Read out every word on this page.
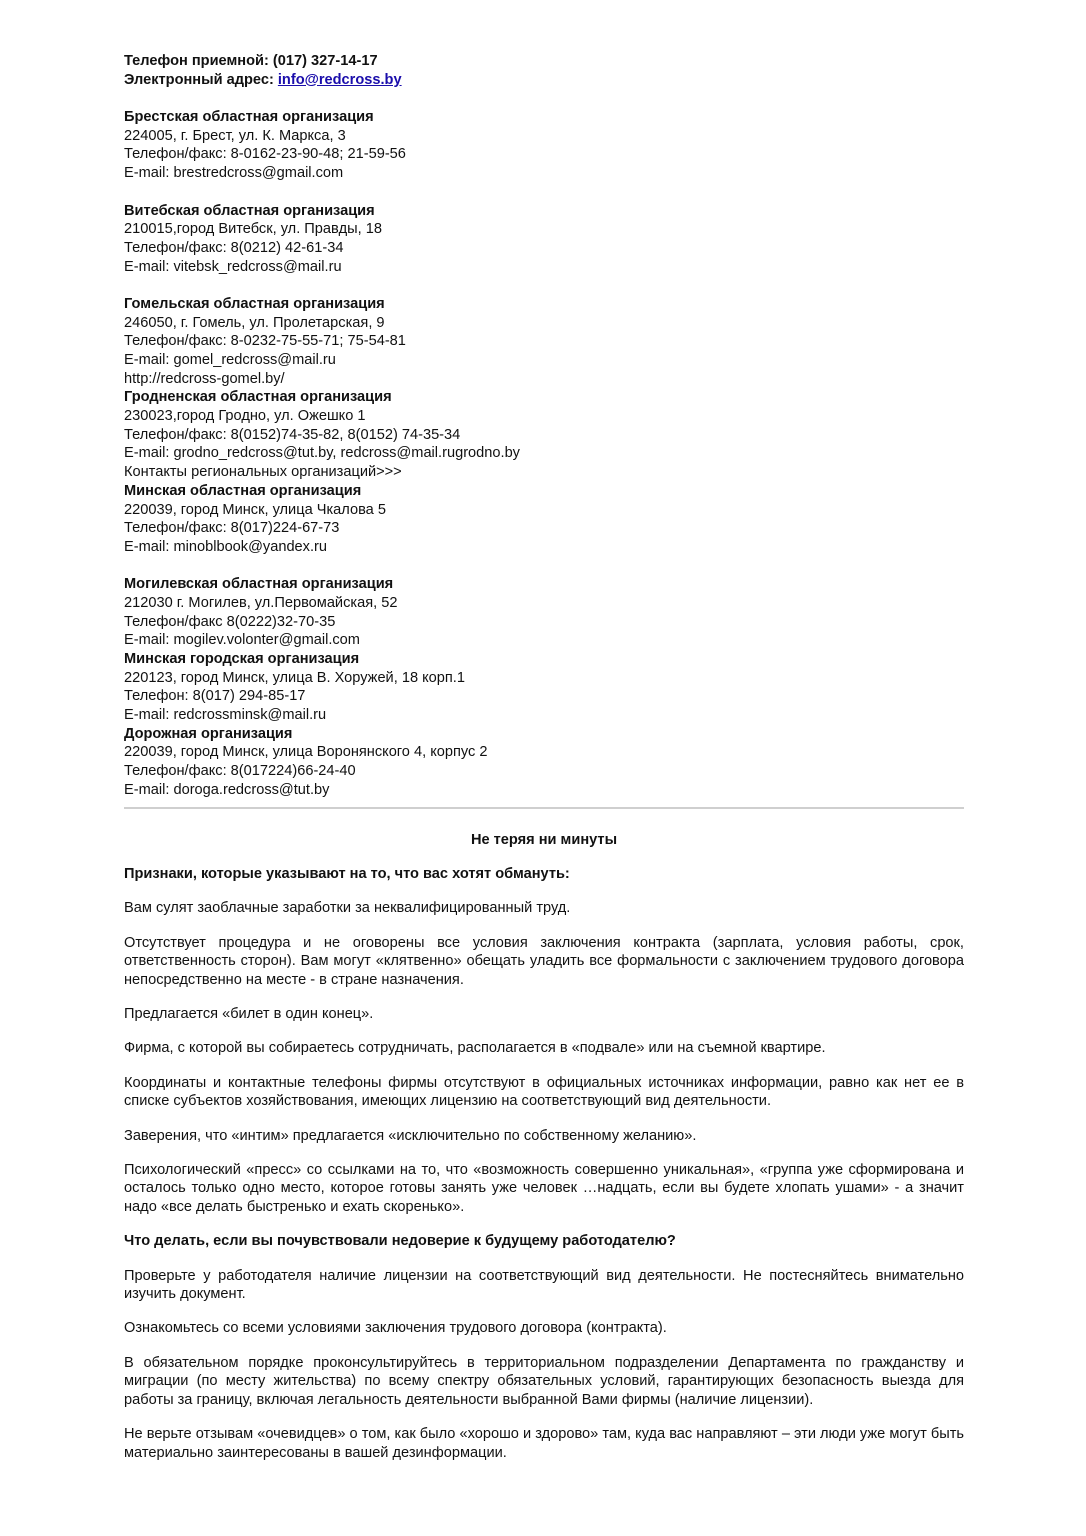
Телефон приемной: (017) 327-14-17
Электронный адрес: info@redcross.by
Брестская областная организация
224005, г. Брест, ул. К. Маркса, 3
Телефон/факс: 8-0162-23-90-48; 21-59-56
E-mail: brestredcross@gmail.com
Витебская областная организация
210015,город Витебск, ул. Правды, 18
Телефон/факс: 8(0212) 42-61-34
E-mail: vitebsk_redcross@mail.ru
Гомельская областная организация
246050, г. Гомель, ул. Пролетарская, 9
Телефон/факс: 8-0232-75-55-71; 75-54-81
E-mail: gomel_redcross@mail.ru
http://redcross-gomel.by/
Гродненская областная организация
230023,город Гродно, ул. Ожешко 1
Телефон/факс: 8(0152)74-35-82, 8(0152) 74-35-34
E-mail: grodno_redcross@tut.by, redcross@mail.rugrodno.by
Контакты региональных организаций>>>
Минская областная организация
220039, город Минск, улица Чкалова 5
Телефон/факс: 8(017)224-67-73
E-mail: minoblbook@yandex.ru
Могилевская областная организация
212030 г. Могилев, ул.Первомайская, 52
Телефон/факс 8(0222)32-70-35
E-mail: mogilev.volonter@gmail.com
Минская городская организация
220123, город Минск, улица В. Хоружей, 18 корп.1
Телефон: 8(017) 294-85-17
E-mail: redcrossminsk@mail.ru
Дорожная организация
220039, город Минск, улица Воронянского 4, корпус 2
Телефон/факс: 8(017224)66-24-40
E-mail: doroga.redcross@tut.by
Не теряя ни минуты

Признаки, которые указывают на то, что вас хотят обмануть:

Вам сулят заоблачные заработки за неквалифицированный труд.

Отсутствует процедура и не оговорены все условия заключения контракта (зарплата, условия работы, срок, ответственность сторон). Вам могут «клятвенно» обещать уладить все формальности с заключением трудового договора непосредственно на месте - в стране назначения.

Предлагается «билет в один конец».

Фирма, с которой вы собираетесь сотрудничать, располагается в «подвале» или на съемной квартире.

Координаты и контактные телефоны фирмы отсутствуют в официальных источниках информации, равно как нет ее в списке субъектов хозяйствования, имеющих лицензию на соответствующий вид деятельности.

Заверения, что «интим» предлагается «исключительно по собственному желанию».

Психологический «пресс» со ссылками на то, что «возможность совершенно уникальная», «группа уже сформирована и осталось только одно место, которое готовы занять уже человек …надцать, если вы будете хлопать ушами» - а значит надо «все делать быстренько и ехать скоренько».

Что делать, если вы почувствовали недоверие к будущему работодателю?

Проверьте у работодателя наличие лицензии на соответствующий вид деятельности. Не постесняйтесь внимательно изучить документ.

Ознакомьтесь со всеми условиями заключения трудового договора (контракта).

В обязательном порядке проконсультируйтесь в территориальном подразделении Департамента по гражданству и миграции (по месту жительства) по всему спектру обязательных условий, гарантирующих безопасность выезда для работы за границу, включая легальность деятельности выбранной Вами фирмы (наличие лицензии).

Не верьте отзывам «очевидцев» о том, как было «хорошо и здорово» там, куда вас направляют – эти люди уже могут быть материально заинтересованы в вашей дезинформации.
